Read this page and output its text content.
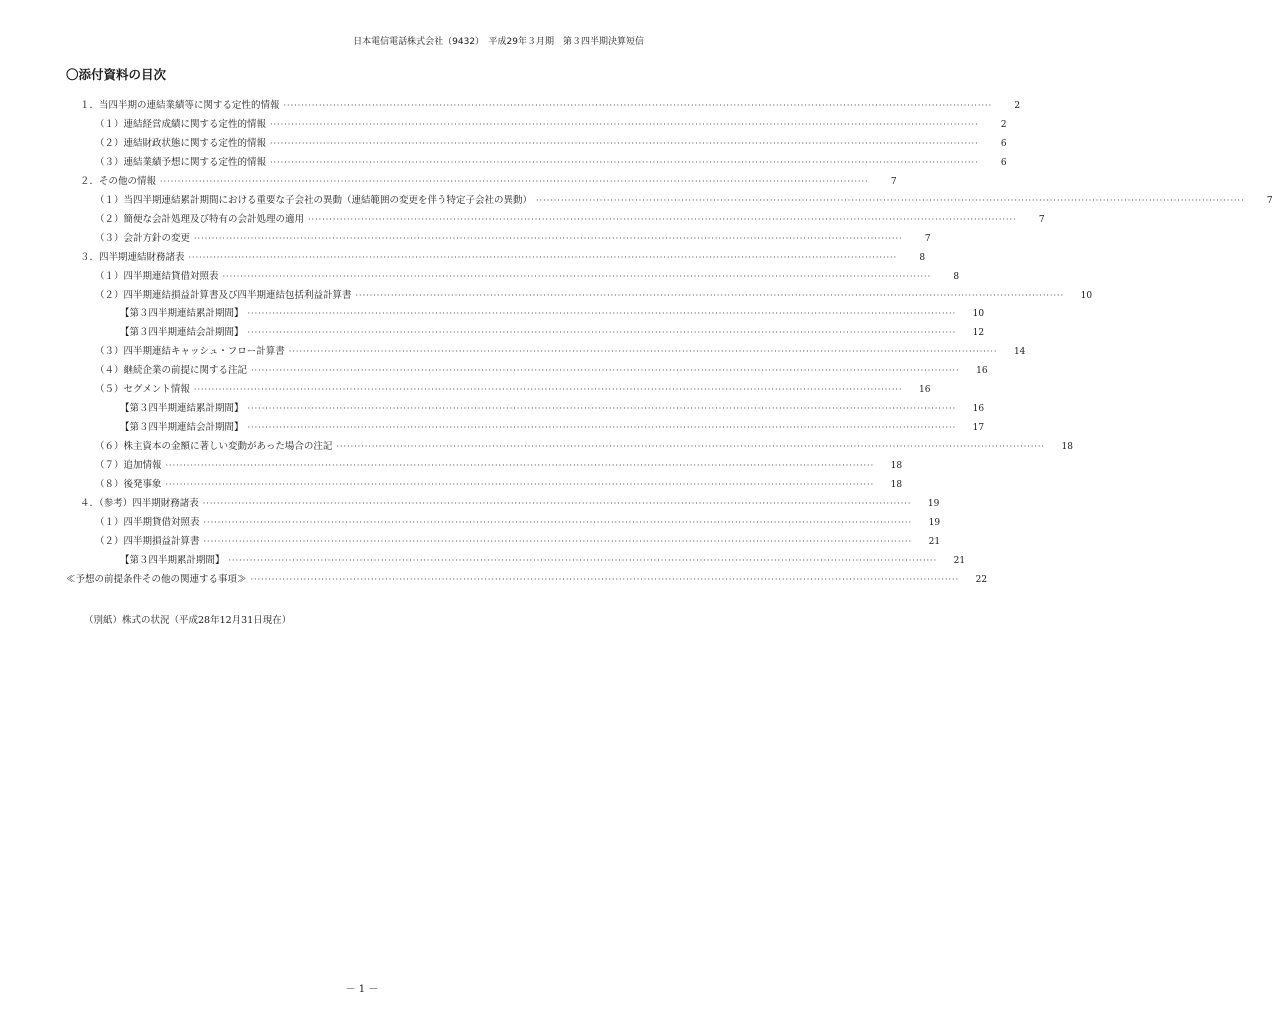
日本電信電話株式会社（9432）　平成29年３月期　第３四半期決算短信
〇添付資料の目次
１．当四半期の連結業績等に関する定性的情報 ········································································································································································································	2
（１）連結経営成績に関する定性的情報 ········································································································································································································	2
（２）連結財政状態に関する定性的情報 ········································································································································································································	6
（３）連結業績予想に関する定性的情報 ········································································································································································································	6
２．その他の情報 ········································································································································································································	7
（１）当四半期連結累計期間における重要な子会社の異動（連結範囲の変更を伴う特定子会社の異動） ········································································································································································································	7
（２）簡便な会計処理及び特有の会計処理の適用 ········································································································································································································	7
（３）会計方針の変更 ········································································································································································································	7
３．四半期連結財務諸表 ········································································································································································································	8
（１）四半期連結貸借対照表 ········································································································································································································	8
（２）四半期連結損益計算書及び四半期連結包括利益計算書 ········································································································································································································	10
【第３四半期連結累計期間】 ········································································································································································································	10
【第３四半期連結会計期間】 ········································································································································································································	12
（３）四半期連結キャッシュ・フロー計算書 ········································································································································································································	14
（４）継続企業の前提に関する注記 ········································································································································································································	16
（５）セグメント情報 ········································································································································································································	16
【第３四半期連結累計期間】 ········································································································································································································	16
【第３四半期連結会計期間】 ········································································································································································································	17
（６）株主資本の金額に著しい変動があった場合の注記 ········································································································································································································	18
（７）追加情報 ········································································································································································································	18
（８）後発事象 ········································································································································································································	18
４．（参考）四半期財務諸表 ········································································································································································································	19
（１）四半期貸借対照表 ········································································································································································································	19
（２）四半期損益計算書 ········································································································································································································	21
【第３四半期累計期間】 ········································································································································································································	21
≪予想の前提条件その他の関連する事項≫ ········································································································································································································	22
（別紙）株式の状況（平成28年12月31日現在）
－ 1 －
